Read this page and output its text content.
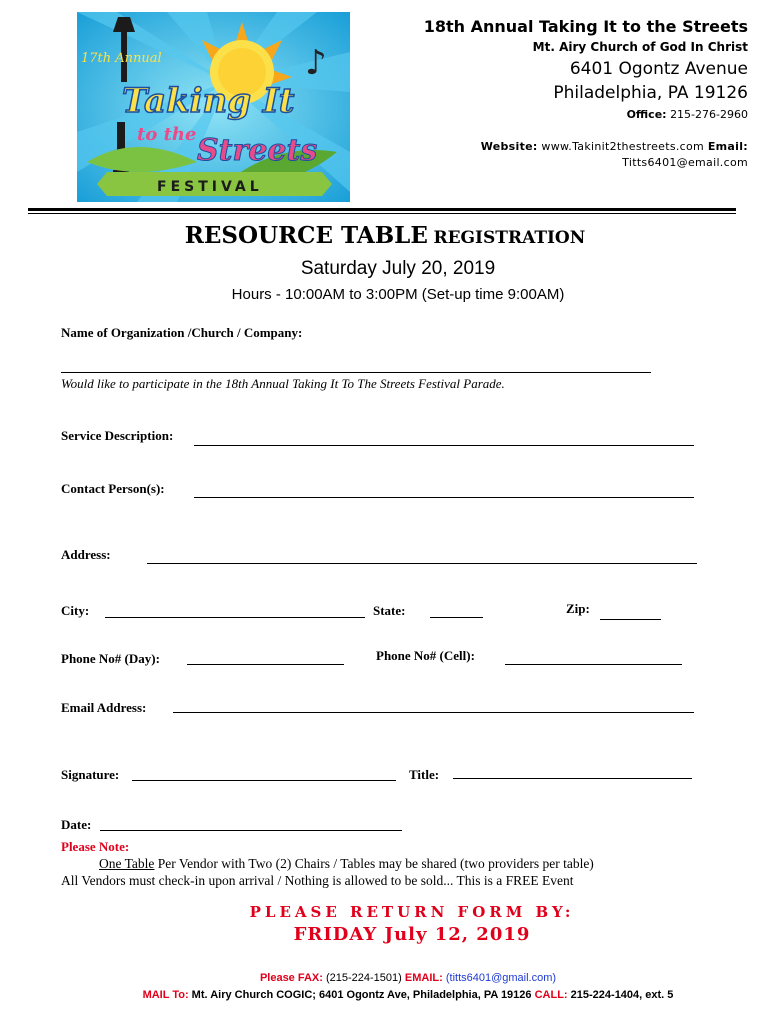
♪
17th Annual
Taking It
to the Streets
FESTIVAL
18th Annual Taking It to the Streets
Mt. Airy Church of God In Christ
6401 Ogontz Avenue
Philadelphia, PA 19126
Office: 215-276-2960
Website: www.Takinit2thestreets.com Email:
Titts6401@email.com
RESOURCE TABLE REGISTRATION
Saturday July 20, 2019
Hours - 10:00AM to 3:00PM (Set-up time 9:00AM)
Name of Organization /Church / Company:
Would like to participate in the 18th Annual Taking It To The Streets Festival Parade.
Service Description:
Contact Person(s):
Address:
City:	State:	Zip:
Phone No# (Day):	Phone No# (Cell):
Email Address:
Signature:	Title:
Date:
Please Note:
One Table Per Vendor with Two (2) Chairs / Tables may be shared (two providers per table)
All Vendors must check-in upon arrival / Nothing is allowed to be sold... This is a FREE Event
PLEASE RETURN FORM BY:
FRIDAY July 12, 2019
Please FAX: (215-224-1501) EMAIL: (titts6401@gmail.com)
MAIL To: Mt. Airy Church COGIC; 6401 Ogontz Ave, Philadelphia, PA 19126 CALL: 215-224-1404, ext. 5
